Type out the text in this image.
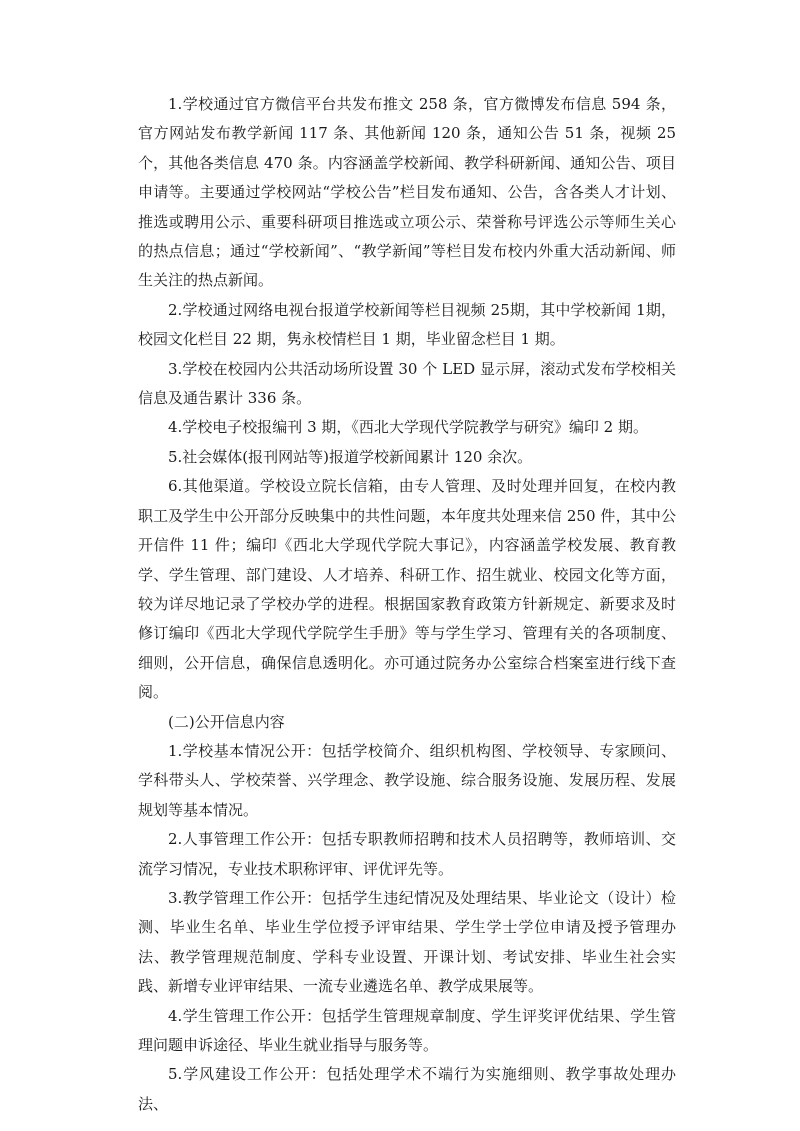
1.学校通过官方微信平台共发布推文 258 条，官方微博发布信息 594 条，官方网站发布教学新闻 117 条、其他新闻 120 条，通知公告 51 条，视频 25 个，其他各类信息 470 条。内容涵盖学校新闻、教学科研新闻、通知公告、项目申请等。主要通过学校网站“学校公告”栏目发布通知、公告，含各类人才计划、推选或聘用公示、重要科研项目推选或立项公示、荣誉称号评选公示等师生关心的热点信息；通过“学校新闻”、“教学新闻”等栏目发布校内外重大活动新闻、师生关注的热点新闻。

2.学校通过网络电视台报道学校新闻等栏目视频 25期，其中学校新闻 1期，校园文化栏目 22 期，隽永校情栏目 1 期，毕业留念栏目 1 期。

3.学校在校园内公共活动场所设置 30 个 LED 显示屏，滚动式发布学校相关信息及通告累计 336 条。

4.学校电子校报编刊 3 期，《西北大学现代学院教学与研究》编印 2 期。

5.社会媒体(报刊网站等)报道学校新闻累计 120 余次。

6.其他渠道。学校设立院长信箱，由专人管理、及时处理并回复，在校内教职工及学生中公开部分反映集中的共性问题，本年度共处理来信 250 件，其中公开信件 11 件；编印《西北大学现代学院大事记》，内容涵盖学校发展、教育教学、学生管理、部门建设、人才培养、科研工作、招生就业、校园文化等方面，较为详尽地记录了学校办学的进程。根据国家教育政策方针新规定、新要求及时修订编印《西北大学现代学院学生手册》等与学生学习、管理有关的各项制度、细则，公开信息，确保信息透明化。亦可通过院务办公室综合档案室进行线下查阅。

(二)公开信息内容

1.学校基本情况公开：包括学校简介、组织机构图、学校领导、专家顾问、学科带头人、学校荣誉、兴学理念、教学设施、综合服务设施、发展历程、发展规划等基本情况。

2.人事管理工作公开：包括专职教师招聘和技术人员招聘等，教师培训、交流学习情况，专业技术职称评审、评优评先等。

3.教学管理工作公开：包括学生违纪情况及处理结果、毕业论文（设计）检测、毕业生名单、毕业生学位授予评审结果、学生学士学位申请及授予管理办法、教学管理规范制度、学科专业设置、开课计划、考试安排、毕业生社会实践、新增专业评审结果、一流专业遴选名单、教学成果展等。

4.学生管理工作公开：包括学生管理规章制度、学生评奖评优结果、学生管理问题申诉途径、毕业生就业指导与服务等。

5.学风建设工作公开：包括处理学术不端行为实施细则、教学事故处理办法、
